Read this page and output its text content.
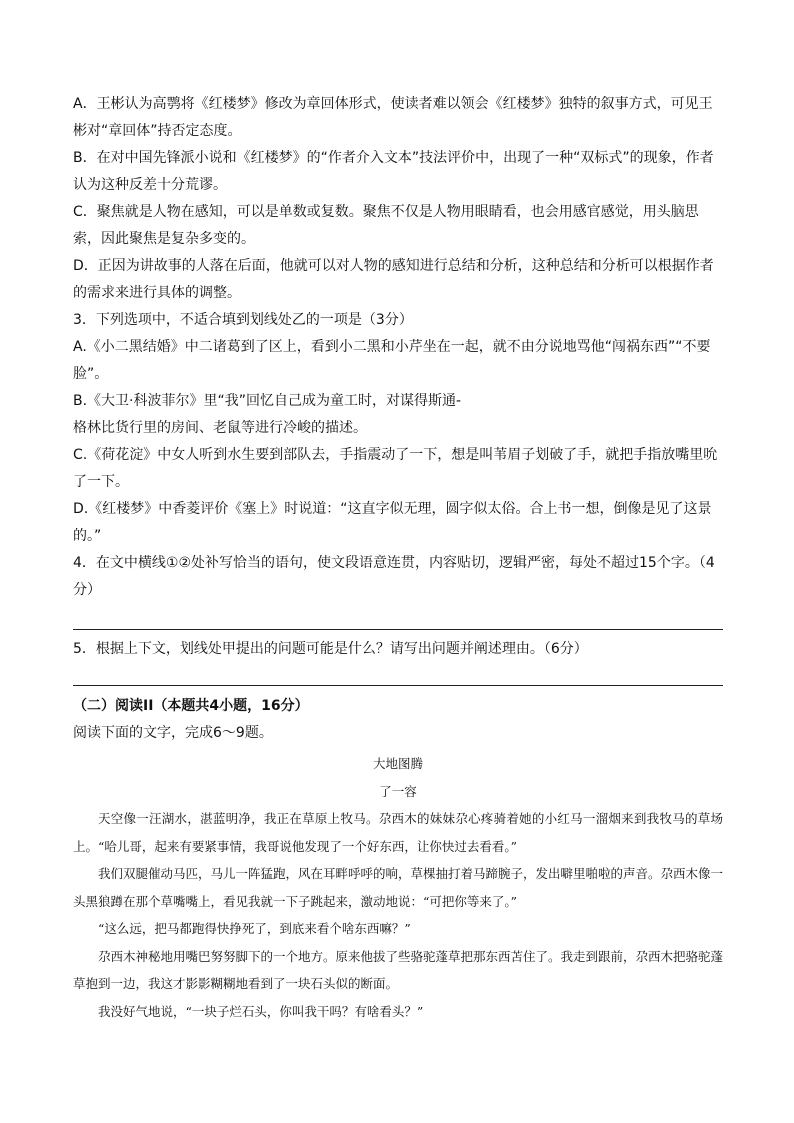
A．王彬认为高鹗将《红楼梦》修改为章回体形式，使读者难以领会《红楼梦》独特的叙事方式，可见王彬对“章回体”持否定态度。

B．在对中国先锋派小说和《红楼梦》的“作者介入文本”技法评价中，出现了一种“双标式”的现象，作者认为这种反差十分荒谬。

C．聚焦就是人物在感知，可以是单数或复数。聚焦不仅是人物用眼睛看，也会用感官感觉，用头脑思索，因此聚焦是复杂多变的。

D．正因为讲故事的人落在后面，他就可以对人物的感知进行总结和分析，这种总结和分析可以根据作者的需求来进行具体的调整。

3．下列选项中，不适合填到划线处乙的一项是（3分）

A.《小二黑结婚》中二诸葛到了区上，看到小二黑和小芹坐在一起，就不由分说地骂他“闯祸东西”“不要脸”。

B.《大卫·科波菲尔》里“我”回忆自己成为童工时，对谋得斯通-

格林比货行里的房间、老鼠等进行冷峻的描述。

C.《荷花淀》中女人听到水生要到部队去，手指震动了一下，想是叫苇眉子划破了手，就把手指放嘴里吮了一下。

D.《红楼梦》中香菱评价《塞上》时说道：“这直字似无理，圆字似太俗。合上书一想，倒像是见了这景的。”

4．在文中横线①②处补写恰当的语句，使文段语意连贯，内容贴切，逻辑严密，每处不超过15个字。（4分）

5．根据上下文，划线处甲提出的问题可能是什么？请写出问题并阐述理由。（6分）

（二）阅读II（本题共4小题，16分）

阅读下面的文字，完成6～9题。

大地图腾

了一容

天空像一汪湖水，湛蓝明净，我正在草原上牧马。尕西木的妹妹尕心疼骑着她的小红马一溜烟来到我牧马的草场上。“哈儿哥，起来有要紧事情，我哥说他发现了一个好东西，让你快过去看看。”

我们双腿催动马匹，马儿一阵猛跑，风在耳畔呼呼的响，草棵抽打着马蹄腕子，发出噼里啪啦的声音。尕西木像一头黑狼蹲在那个草嘴嘴上，看见我就一下子跳起来，激动地说：“可把你等来了。”

“这么远，把马都跑得快挣死了，到底来看个啥东西嘛？”

尕西木神秘地用嘴巴努努脚下的一个地方。原来他拔了些骆驼蓬草把那东西苫住了。我走到跟前，尕西木把骆驼蓬草抱到一边，我这才影影糊糊地看到了一块石头似的断面。

我没好气地说，“一块子烂石头，你叫我干吗？有啥看头？”
